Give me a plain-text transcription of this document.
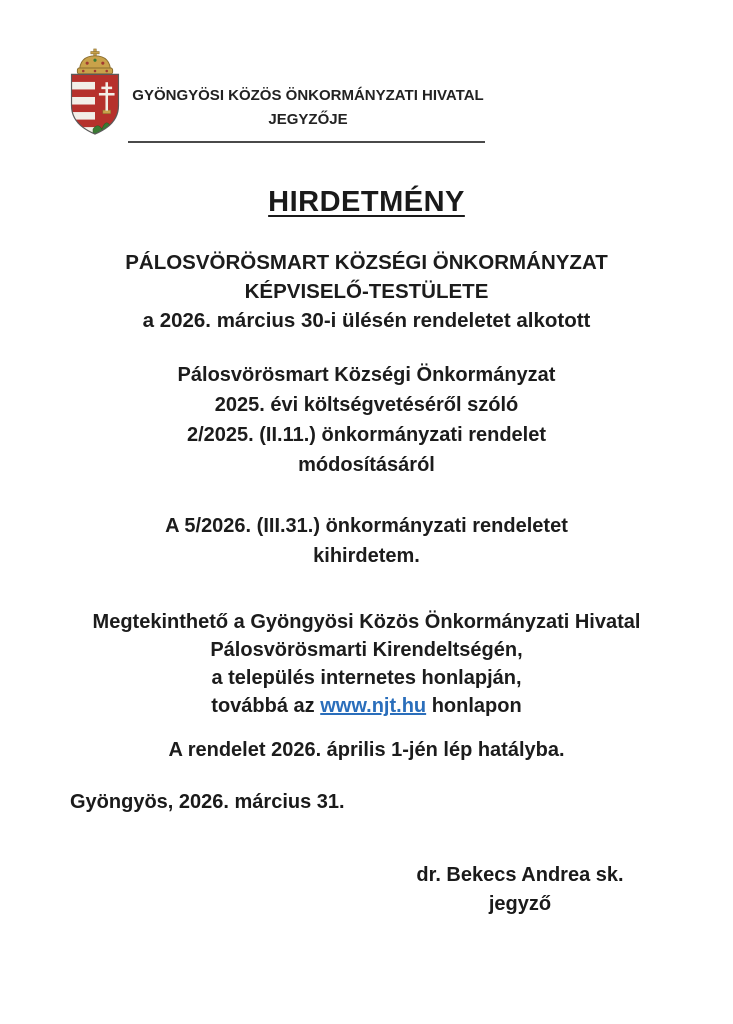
GYÖNGYÖSI KÖZÖS ÖNKORMÁNYZATI HIVATAL
JEGYZŐJE
HIRDETMÉNY
PÁLOSVÖRÖSMART KÖZSÉGI ÖNKORMÁNYZAT
KÉPVISELŐ-TESTÜLETE
a 2026. március 30-i ülésén rendeletet alkotott
Pálosvörösmart Községi Önkormányzat
2025. évi költségvetéséről szóló
2/2025. (II.11.) önkormányzati rendelet
módosításáról
A 5/2026. (III.31.) önkormányzati rendeletet
kihirdetem.
Megtekinthető a Gyöngyösi Közös Önkormányzati Hivatal
Pálosvörösmarti Kirendeltségén,
a település internetes honlapján,
továbbá az www.njt.hu honlapon
A rendelet 2026. április 1-jén lép hatályba.
Gyöngyös, 2026. március 31.
dr. Bekecs Andrea sk.
jegyző
